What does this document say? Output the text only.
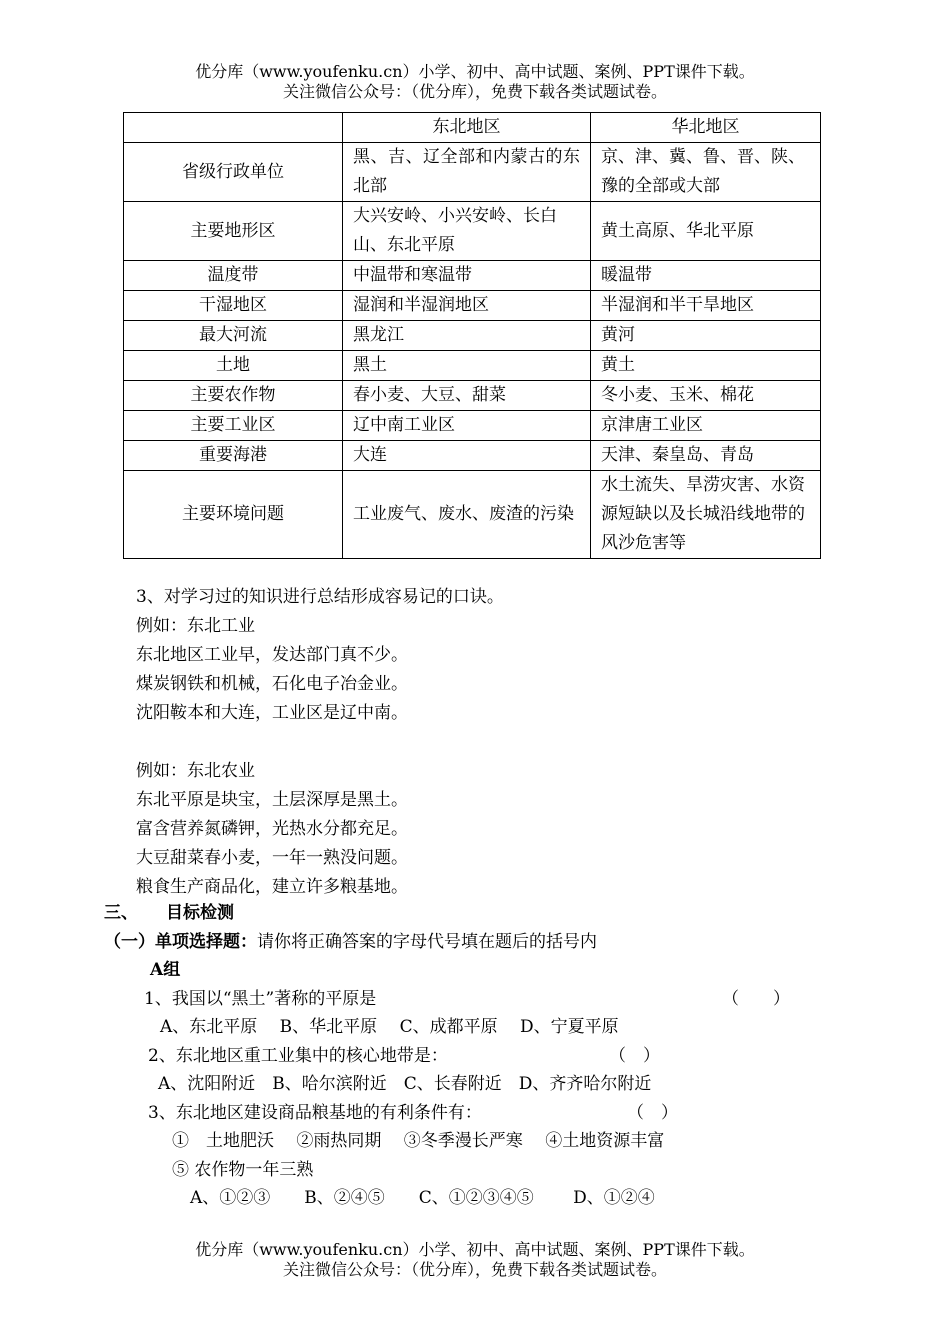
优分库（www.youfenku.cn）小学、初中、高中试题、案例、PPT课件下载。
关注微信公众号：（优分库），免费下载各类试题试卷。
	东北地区	华北地区
省级行政单位	黑、吉、辽全部和内蒙古的东北部	京、津、冀、鲁、晋、陕、豫的全部或大部
主要地形区	大兴安岭、小兴安岭、长白山、东北平原	黄土高原、华北平原
温度带	中温带和寒温带	暖温带
干湿地区	湿润和半湿润地区	半湿润和半干旱地区
最大河流	黑龙江	黄河
土地	黑土	黄土
主要农作物	春小麦、大豆、甜菜	冬小麦、玉米、棉花
主要工业区	辽中南工业区	京津唐工业区
重要海港	大连	天津、秦皇岛、青岛
主要环境问题	工业废气、废水、废渣的污染	水土流失、旱涝灾害、水资源短缺以及长城沿线地带的风沙危害等
3、对学习过的知识进行总结形成容易记的口诀。
例如：东北工业
东北地区工业早，发达部门真不少。
煤炭钢铁和机械，石化电子冶金业。
沈阳鞍本和大连，工业区是辽中南。
例如：东北农业
东北平原是块宝，土层深厚是黑土。
富含营养氮磷钾，光热水分都充足。
大豆甜菜春小麦，一年一熟没问题。
粮食生产商品化，建立许多粮基地。
三、 目标检测
（一）单项选择题：请你将正确答案的字母代号填在题后的括号内
A组
1、我国以“黑土”著称的平原是	（　　）
A、东北平原　 B、华北平原　 C、成都平原　 D、宁夏平原
2、东北地区重工业集中的核心地带是：	（　）
A、沈阳附近　B、哈尔滨附近　C、长春附近　D、齐齐哈尔附近
3、东北地区建设商品粮基地的有利条件有：	（　）
①　土地肥沃　 ②雨热同期　 ③冬季漫长严寒　 ④土地资源丰富
⑤ 农作物一年三熟
A、①②③　　B、②④⑤　　C、①②③④⑤　　 D、①②④
优分库（www.youfenku.cn）小学、初中、高中试题、案例、PPT课件下载。
关注微信公众号：（优分库），免费下载各类试题试卷。
